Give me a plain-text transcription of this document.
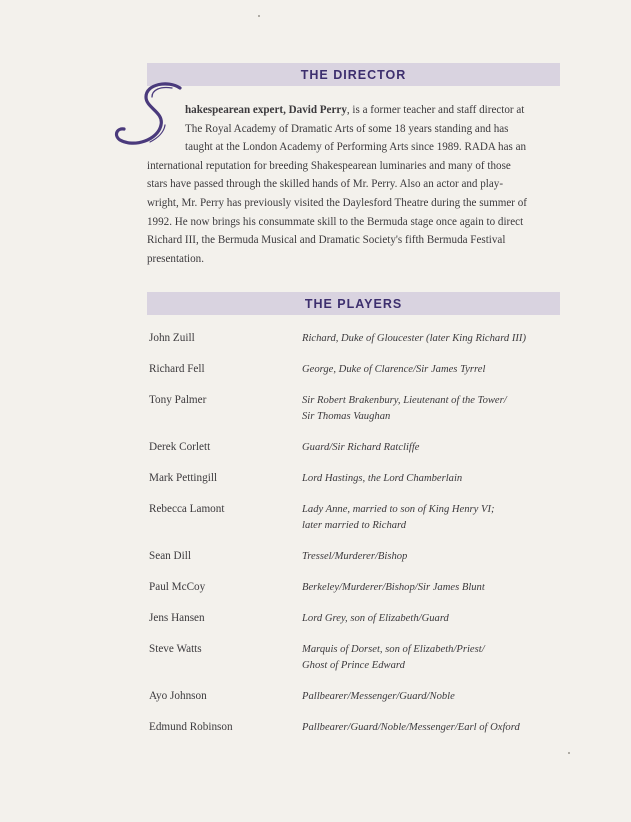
THE DIRECTOR
hakespearean expert, David Perry, is a former teacher and staff director at
The Royal Academy of Dramatic Arts of some 18 years standing and has
taught at the London Academy of Performing Arts since 1989. RADA has an
international reputation for breeding Shakespearean luminaries and many of those
stars have passed through the skilled hands of Mr. Perry. Also an actor and play-
wright, Mr. Perry has previously visited the Daylesford Theatre during the summer of
1992. He now brings his consummate skill to the Bermuda stage once again to direct
Richard III, the Bermuda Musical and Dramatic Society's fifth Bermuda Festival
presentation.
THE PLAYERS
John Zuill	Richard, Duke of Gloucester (later King Richard III)
Richard Fell	George, Duke of Clarence/Sir James Tyrrel
Tony Palmer	Sir Robert Brakenbury, Lieutenant of the Tower/
Sir Thomas Vaughan
Derek Corlett	Guard/Sir Richard Ratcliffe
Mark Pettingill	Lord Hastings, the Lord Chamberlain
Rebecca Lamont	Lady Anne, married to son of King Henry VI;
later married to Richard
Sean Dill	Tressel/Murderer/Bishop
Paul McCoy	Berkeley/Murderer/Bishop/Sir James Blunt
Jens Hansen	Lord Grey, son of Elizabeth/Guard
Steve Watts	Marquis of Dorset, son of Elizabeth/Priest/
Ghost of Prince Edward
Ayo Johnson	Pallbearer/Messenger/Guard/Noble
Edmund Robinson	Pallbearer/Guard/Noble/Messenger/Earl of Oxford
